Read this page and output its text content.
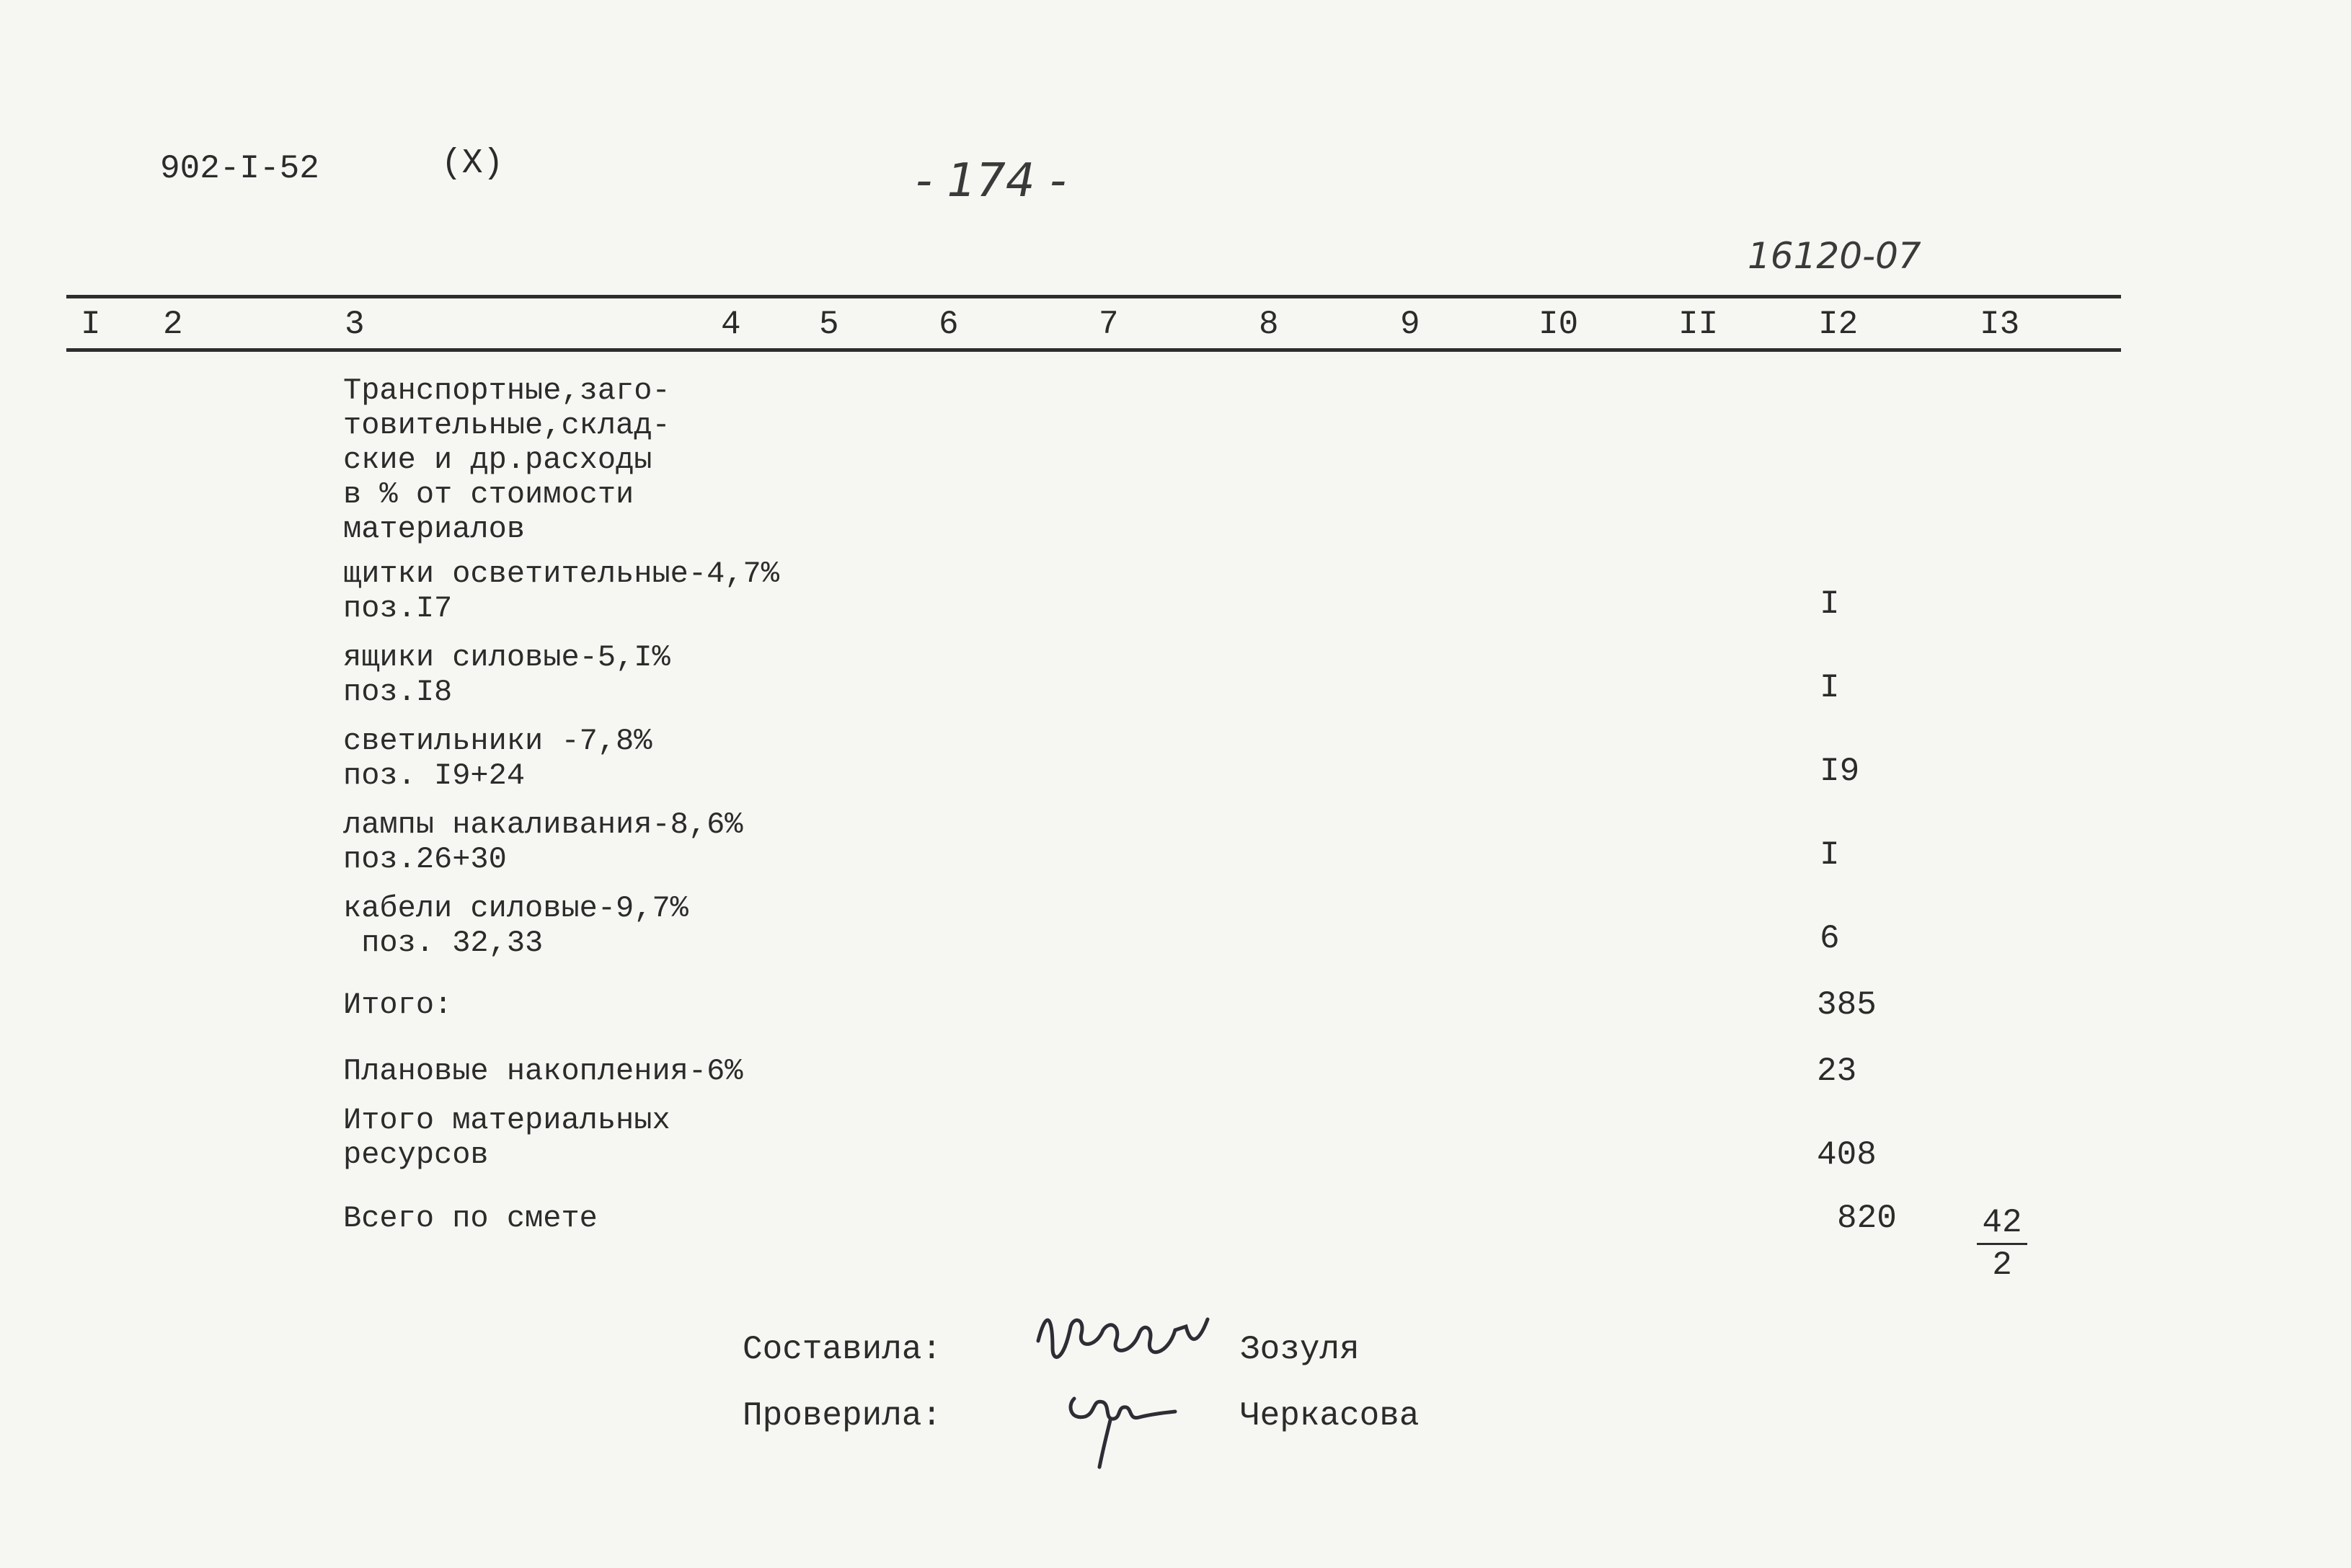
902-I-52	(X)	- 174 -
16120-07
I 2	3	4 5	6	7	8	9	I0	II	I2	I3
Транспортные,заго-
товительные,склад-
ские и др.расходы
в % от стоимости
материалов
щитки осветительные-4,7%
поз.I7	I
ящики силовые-5,I%
поз.I8	I
светильники -7,8%
поз. I9+24	I9
лампы накаливания-8,6%
поз.26+30	I
кабели силовые-9,7%
поз. 32,33	6
Итого:	385
Плановые накопления-6%	23
Итого материальных
ресурсов	408
Всего по смете	$820 \frac{42}{2}$
Составила:	Зозуля
Проверила:	Черкасова
